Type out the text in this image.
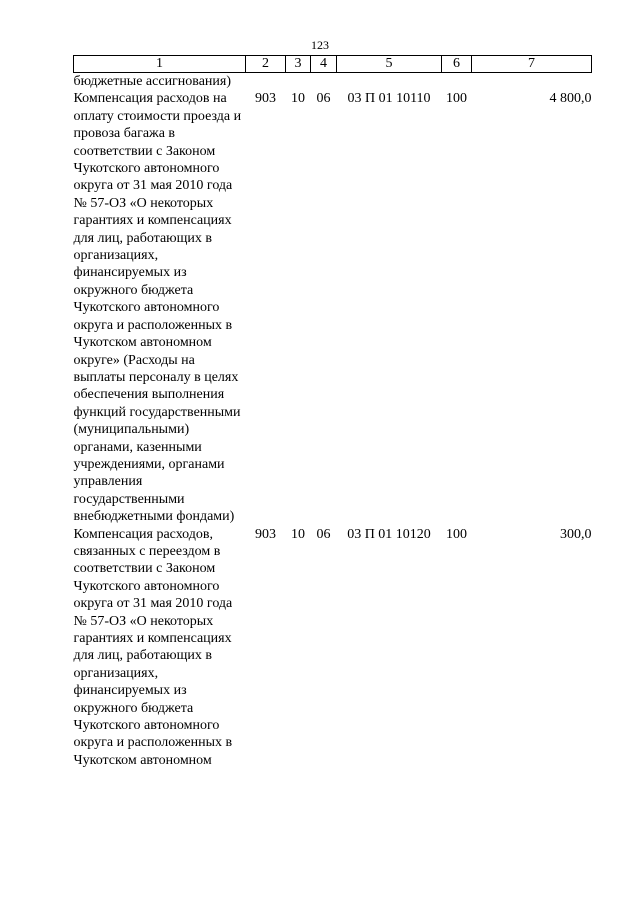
123
1	2	3	4	5	6	7
бюджетные ассигнования)						
Компенсация расходов на оплату стоимости проезда и провоза багажа в соответствии с Законом Чукотского автономного округа от 31 мая 2010 года № 57-ОЗ «О некоторых гарантиях и компенсациях для лиц, работающих в организациях, финансируемых из окружного бюджета Чукотского автономного округа и расположенных в Чукотском автономном округе» (Расходы на выплаты персоналу в целях обеспечения выполнения функций государственными (муниципальными) органами, казенными учреждениями, органами управления государственными внебюджетными фондами)	903	10	06	03 П 01 10110	100	4 800,0
Компенсация расходов, связанных с переездом в соответствии с Законом Чукотского автономного округа от 31 мая 2010 года № 57-ОЗ «О некоторых гарантиях и компенсациях для лиц, работающих в организациях, финансируемых из окружного бюджета Чукотского автономного округа и расположенных в Чукотском автономном	903	10	06	03 П 01 10120	100	300,0
